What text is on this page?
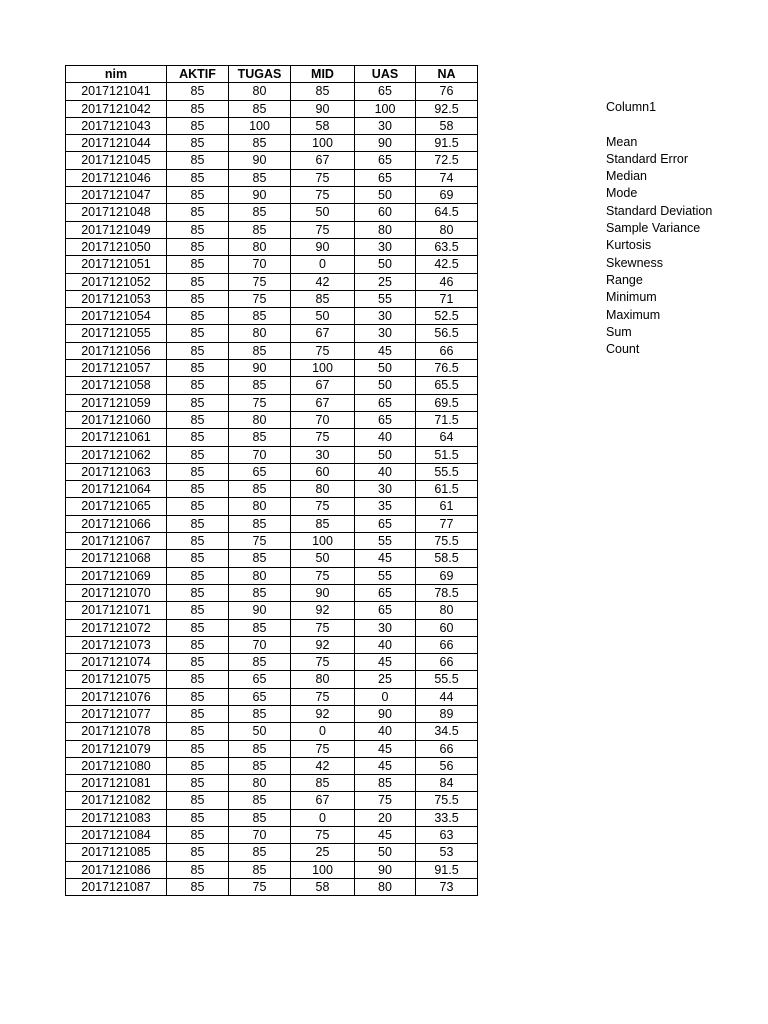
nim	AKTIF	TUGAS	MID	UAS	NA
2017121041	85	80	85	65	76
2017121042	85	85	90	100	92.5
2017121043	85	100	58	30	58
2017121044	85	85	100	90	91.5
2017121045	85	90	67	65	72.5
2017121046	85	85	75	65	74
2017121047	85	90	75	50	69
2017121048	85	85	50	60	64.5
2017121049	85	85	75	80	80
2017121050	85	80	90	30	63.5
2017121051	85	70	0	50	42.5
2017121052	85	75	42	25	46
2017121053	85	75	85	55	71
2017121054	85	85	50	30	52.5
2017121055	85	80	67	30	56.5
2017121056	85	85	75	45	66
2017121057	85	90	100	50	76.5
2017121058	85	85	67	50	65.5
2017121059	85	75	67	65	69.5
2017121060	85	80	70	65	71.5
2017121061	85	85	75	40	64
2017121062	85	70	30	50	51.5
2017121063	85	65	60	40	55.5
2017121064	85	85	80	30	61.5
2017121065	85	80	75	35	61
2017121066	85	85	85	65	77
2017121067	85	75	100	55	75.5
2017121068	85	85	50	45	58.5
2017121069	85	80	75	55	69
2017121070	85	85	90	65	78.5
2017121071	85	90	92	65	80
2017121072	85	85	75	30	60
2017121073	85	70	92	40	66
2017121074	85	85	75	45	66
2017121075	85	65	80	25	55.5
2017121076	85	65	75	0	44
2017121077	85	85	92	90	89
2017121078	85	50	0	40	34.5
2017121079	85	85	75	45	66
2017121080	85	85	42	45	56
2017121081	85	80	85	85	84
2017121082	85	85	67	75	75.5
2017121083	85	85	0	20	33.5
2017121084	85	70	75	45	63
2017121085	85	85	25	50	53
2017121086	85	85	100	90	91.5
2017121087	85	75	58	80	73
Column1
Mean
Standard Error
Median
Mode
Standard Deviation
Sample Variance
Kurtosis
Skewness
Range
Minimum
Maximum
Sum
Count
